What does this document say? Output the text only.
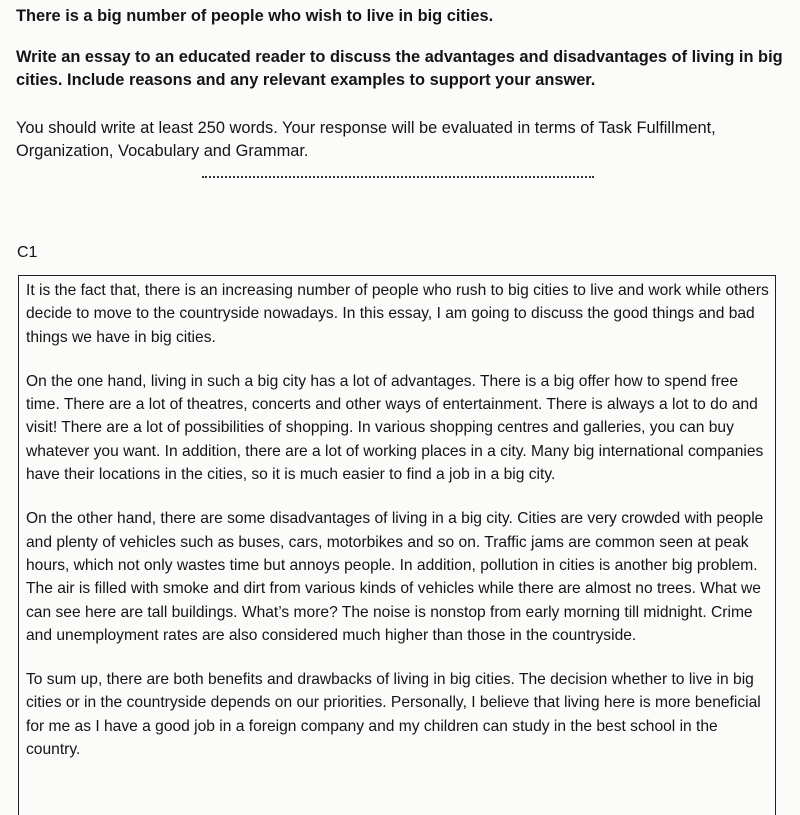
There is a big number of people who wish to live in big cities.

Write an essay to an educated reader to discuss the advantages and disadvantages of living in big cities. Include reasons and any relevant examples to support your answer.

You should write at least 250 words. Your response will be evaluated in terms of Task Fulfillment, Organization, Vocabulary and Grammar.

C1

It is the fact that, there is an increasing number of people who rush to big cities to live and work while others decide to move to the countryside nowadays. In this essay, I am going to discuss the good things and bad things we have in big cities.

On the one hand, living in such a big city has a lot of advantages. There is a big offer how to spend free time. There are a lot of theatres, concerts and other ways of entertainment. There is always a lot to do and visit! There are a lot of possibilities of shopping. In various shopping centres and galleries, you can buy whatever you want. In addition, there are a lot of working places in a city. Many big international companies have their locations in the cities, so it is much easier to find a job in a big city.

On the other hand, there are some disadvantages of living in a big city. Cities are very crowded with people and plenty of vehicles such as buses, cars, motorbikes and so on. Traffic jams are common seen at peak hours, which not only wastes time but annoys people. In addition, pollution in cities is another big problem. The air is filled with smoke and dirt from various kinds of vehicles while there are almost no trees. What we can see here are tall buildings. What’s more? The noise is nonstop from early morning till midnight. Crime and unemployment rates are also considered much higher than those in the countryside.

To sum up, there are both benefits and drawbacks of living in big cities. The decision whether to live in big cities or in the countryside depends on our priorities. Personally, I believe that living here is more beneficial for me as I have a good job in a foreign company and my children can study in the best school in the country.
